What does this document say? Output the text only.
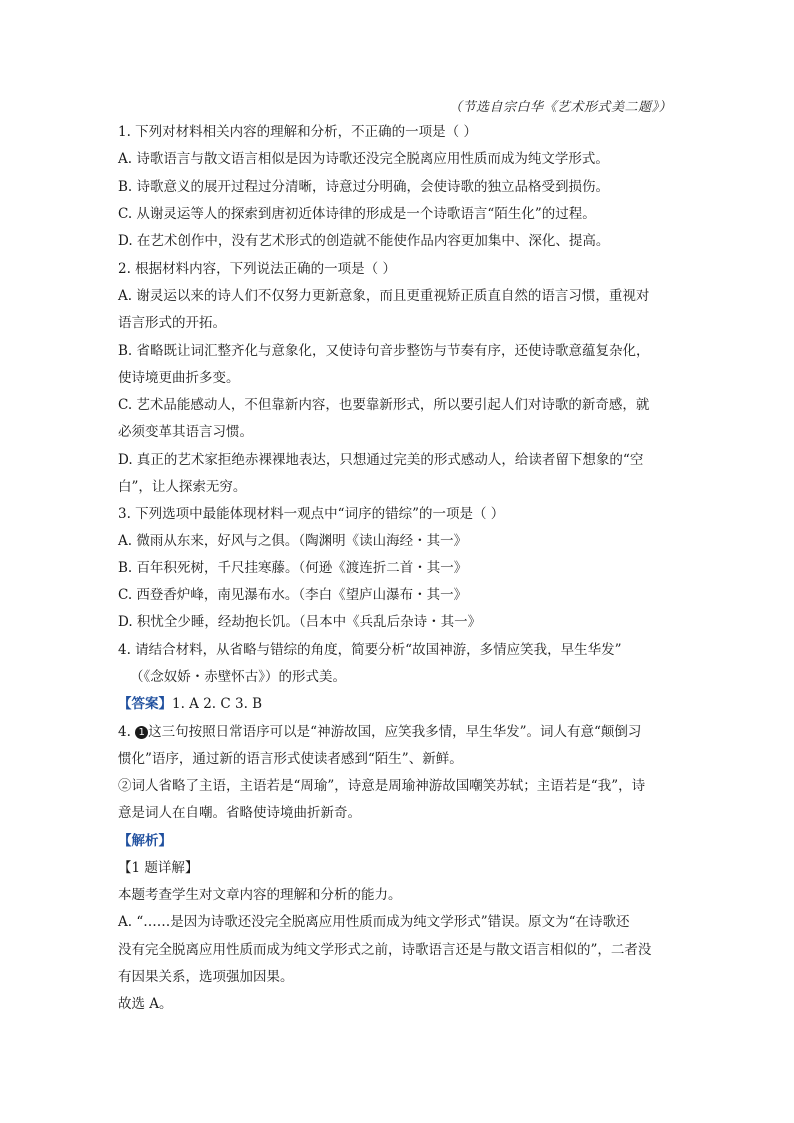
（节选自宗白华《艺术形式美二题》）
1. 下列对材料相关内容的理解和分析，不正确的一项是（ ）
A. 诗歌语言与散文语言相似是因为诗歌还没完全脱离应用性质而成为纯文学形式。
B. 诗歌意义的展开过程过分清晰，诗意过分明确，会使诗歌的独立品格受到损伤。
C. 从谢灵运等人的探索到唐初近体诗律的形成是一个诗歌语言“陌生化”的过程。
D. 在艺术创作中，没有艺术形式的创造就不能使作品内容更加集中、深化、提高。
2. 根据材料内容，下列说法正确的一项是（ ）
A. 谢灵运以来的诗人们不仅努力更新意象，而且更重视矫正质直自然的语言习惯，重视对
语言形式的开拓。
B. 省略既让词汇整齐化与意象化，又使诗句音步整饬与节奏有序，还使诗歌意蕴复杂化，
使诗境更曲折多变。
C. 艺术品能感动人，不但靠新内容，也要靠新形式，所以要引起人们对诗歌的新奇感，就
必须变革其语言习惯。
D. 真正的艺术家拒绝赤裸裸地表达，只想通过完美的形式感动人，给读者留下想象的“空
白”，让人探索无穷。
3. 下列选项中最能体现材料一观点中“词序的错综”的一项是（ ）
A. 微雨从东来，好风与之俱。（陶渊明《读山海经・其一》
B. 百年积死树，千尺挂寒藤。（何逊《渡连折二首・其一》
C. 西登香炉峰，南见瀑布水。（李白《望庐山瀑布・其一》
D. 积忧全少睡，经劫抱长饥。（吕本中《兵乱后杂诗・其一》
4. 请结合材料，从省略与错综的角度，简要分析“故国神游，多情应笑我，早生华发”
（《念奴娇・赤壁怀古》）的形式美。
【答案】1. A 2. C 3. B
4. 1 这三句按照日常语序可以是“神游故国，应笑我多情，早生华发”。词人有意“颠倒习
惯化”语序，通过新的语言形式使读者感到“陌生”、新鲜。
②词人省略了主语，主语若是“周瑜”，诗意是周瑜神游故国嘲笑苏轼；主语若是“我”，诗
意是词人在自嘲。省略使诗境曲折新奇。
【解析】
【1 题详解】
本题考查学生对文章内容的理解和分析的能力。
A. “……是因为诗歌还没完全脱离应用性质而成为纯文学形式”错误。原文为“在诗歌还
没有完全脱离应用性质而成为纯文学形式之前，诗歌语言还是与散文语言相似的”，二者没
有因果关系，选项强加因果。
故选 A。
